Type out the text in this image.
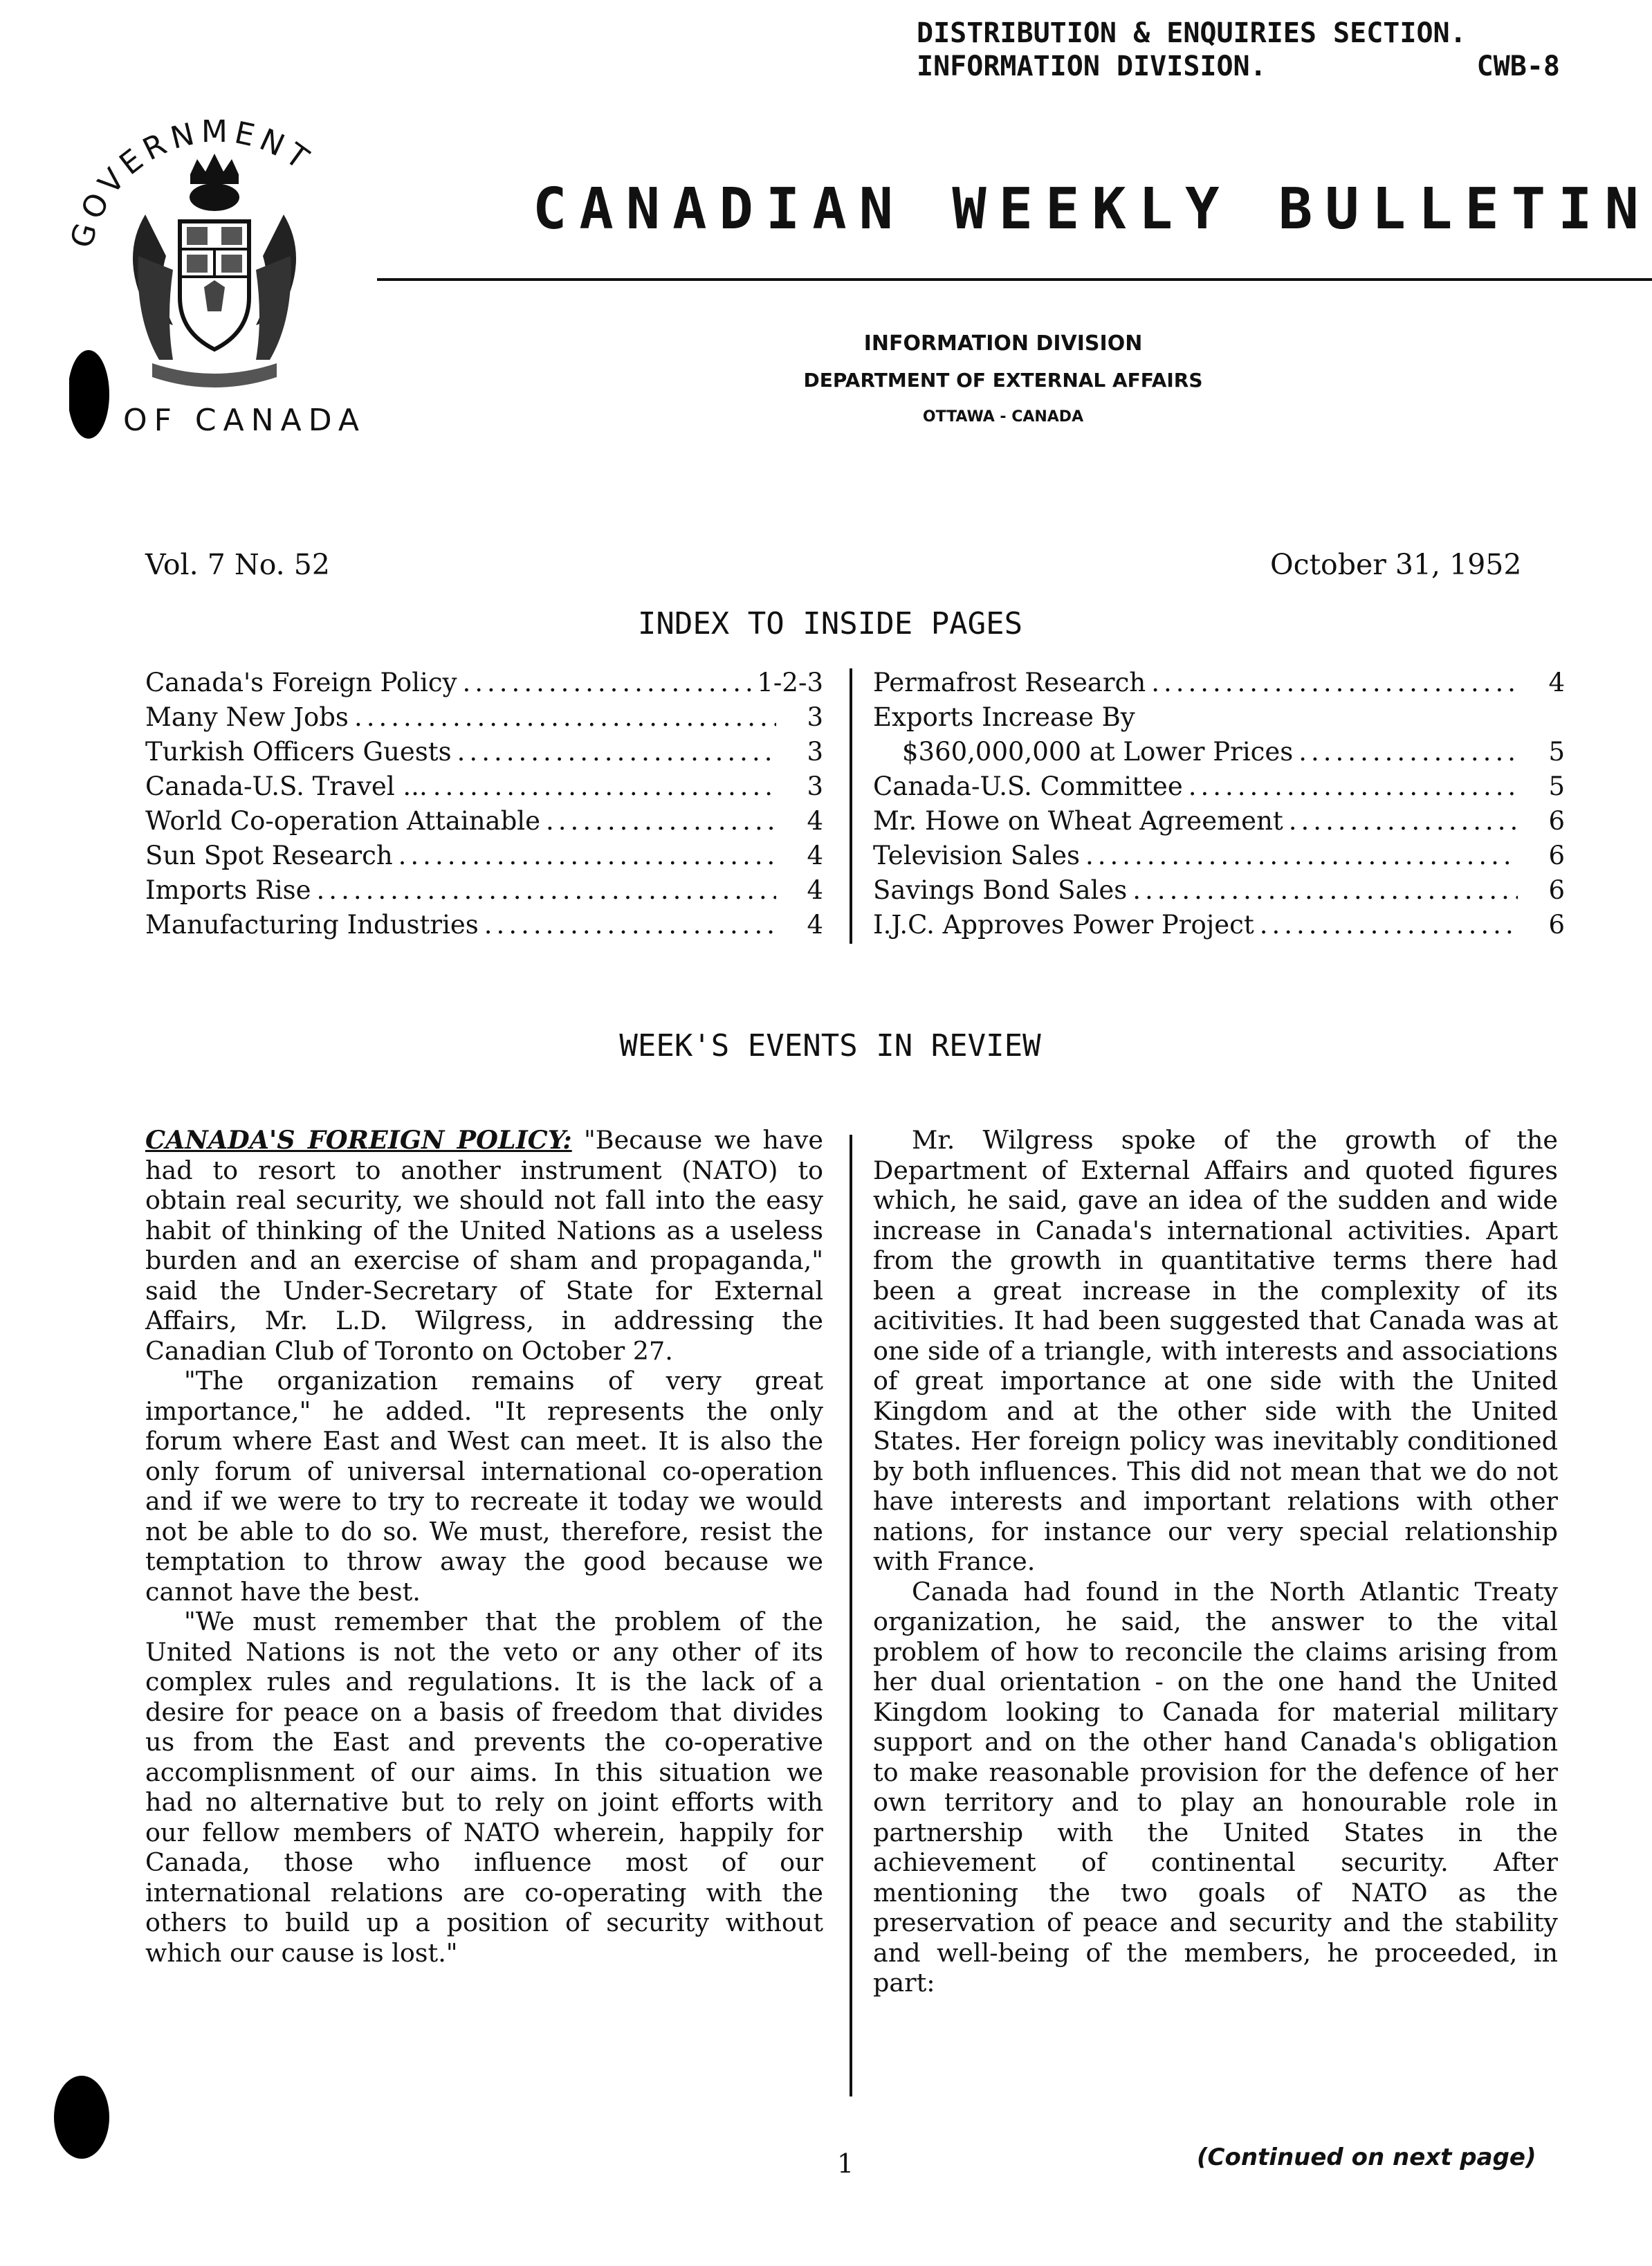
DISTRIBUTION & ENQUIRIES SECTION.
INFORMATION DIVISION.	CWB-8
OVERNMENT
OF CANADA
CANADIAN WEEKLY BULLETIN
INFORMATION DIVISION
DEPARTMENT OF EXTERNAL AFFAIRS
OTTAWA - CANADA
Vol. 7 No. 52	October 31, 1952
INDEX TO INSIDE PAGES
Canada's Foreign Policy .....	1-2-3
Many New Jobs .....	3
Turkish Officers Guests .....	3
Canada-U.S. Travel ... .....	3
World Co-operation Attainable .....	4
Sun Spot Research .....	4
Imports Rise .....	4
Manufacturing Industries .....	4
Permafrost Research .....	4
Exports Increase By
$360,000,000 at Lower Prices .....	5
Canada-U.S. Committee .....	5
Mr. Howe on Wheat Agreement .....	6
Television Sales .....	6
Savings Bond Sales .....	6
I.J.C. Approves Power Project .....	6
WEEK'S EVENTS IN REVIEW

CANADA'S FOREIGN POLICY: "Because we have had to resort to another instrument (NATO) to obtain real security, we should not fall into the easy habit of thinking of the United Nations as a useless burden and an exercise of sham and propaganda," said the Under-Secretary of State for External Affairs, Mr. L.D. Wilgress, in addressing the Canadian Club of Toronto on October 27.

"The organization remains of very great importance," he added. "It represents the only forum where East and West can meet. It is also the only forum of universal international co-operation and if we were to try to recreate it today we would not be able to do so. We must, therefore, resist the temptation to throw away the good because we cannot have the best.

"We must remember that the problem of the United Nations is not the veto or any other of its complex rules and regulations. It is the lack of a desire for peace on a basis of freedom that divides us from the East and prevents the co-operative accomplisnment of our aims. In this situation we had no alternative but to rely on joint efforts with our fellow members of NATO wherein, happily for Canada, those who influence most of our international relations are co-operating with the others to build up a position of security without which our cause is lost."

Mr. Wilgress spoke of the growth of the Department of External Affairs and quoted figures which, he said, gave an idea of the sudden and wide increase in Canada's international activities. Apart from the growth in quantitative terms there had been a great increase in the complexity of its acitivities. It had been suggested that Canada was at one side of a triangle, with interests and associations of great importance at one side with the United Kingdom and at the other side with the United States. Her foreign policy was inevitably conditioned by both influences. This did not mean that we do not have interests and important relations with other nations, for instance our very special relationship with France.

Canada had found in the North Atlantic Treaty organization, he said, the answer to the vital problem of how to reconcile the claims arising from her dual orientation - on the one hand the United Kingdom looking to Canada for material military support and on the other hand Canada's obligation to make reasonable provision for the defence of her own territory and to play an honourable role in partnership with the United States in the achievement of continental security. After mentioning the two goals of NATO as the preservation of peace and security and the stability and well-being of the members, he proceeded, in part:

1	(Continued on next page)
